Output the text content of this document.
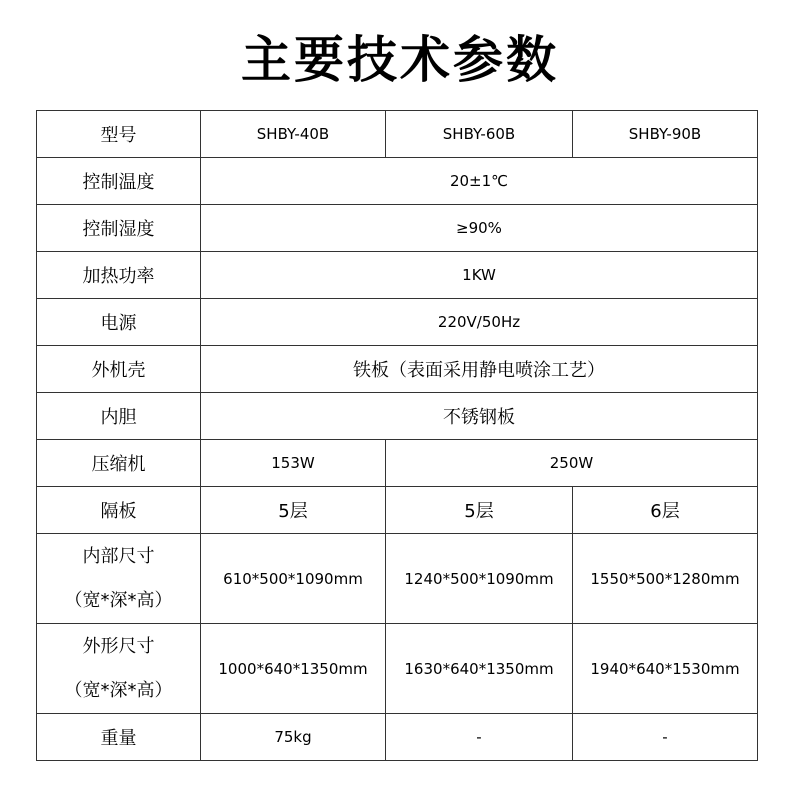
主要技术参数
型号	SHBY-40B	SHBY-60B	SHBY-90B
控制温度	20±1℃		
控制湿度	≥90%		
加热功率	1KW		
电源	220V/50Hz		
外机壳	铁板（表面采用静电喷涂工艺）		
内胆	不锈钢板		
压缩机	153W	250W	
隔板	5层	5层	6层

内部尺寸
（宽*深*高）	610*500*1090mm	1240*500*1090mm	1550*500*1280mm

外形尺寸
（宽*深*高）	1000*640*1350mm	1630*640*1350mm	1940*640*1530mm
重量	75kg	-	-
